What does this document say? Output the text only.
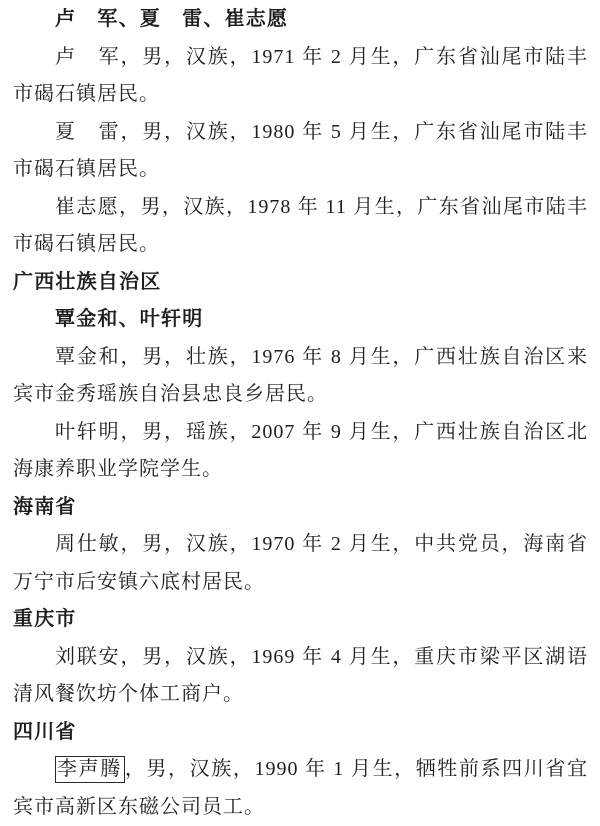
卢　军、夏　雷、崔志愿

卢　军，男，汉族，1971 年 2 月生，广东省汕尾市陆丰市碣石镇居民。

夏　雷，男，汉族，1980 年 5 月生，广东省汕尾市陆丰市碣石镇居民。

崔志愿，男，汉族，1978 年 11 月生，广东省汕尾市陆丰市碣石镇居民。

广西壮族自治区

覃金和、叶轩明

覃金和，男，壮族，1976 年 8 月生，广西壮族自治区来宾市金秀瑶族自治县忠良乡居民。

叶轩明，男，瑶族，2007 年 9 月生，广西壮族自治区北海康养职业学院学生。

海南省

周仕敏，男，汉族，1970 年 2 月生，中共党员，海南省万宁市后安镇六底村居民。

重庆市

刘联安，男，汉族，1969 年 4 月生，重庆市梁平区湖语清风餐饮坊个体工商户。

四川省

李声腾 ，男，汉族，1990 年 1 月生，牺牲前系四川省宜宾市高新区东磁公司员工。
